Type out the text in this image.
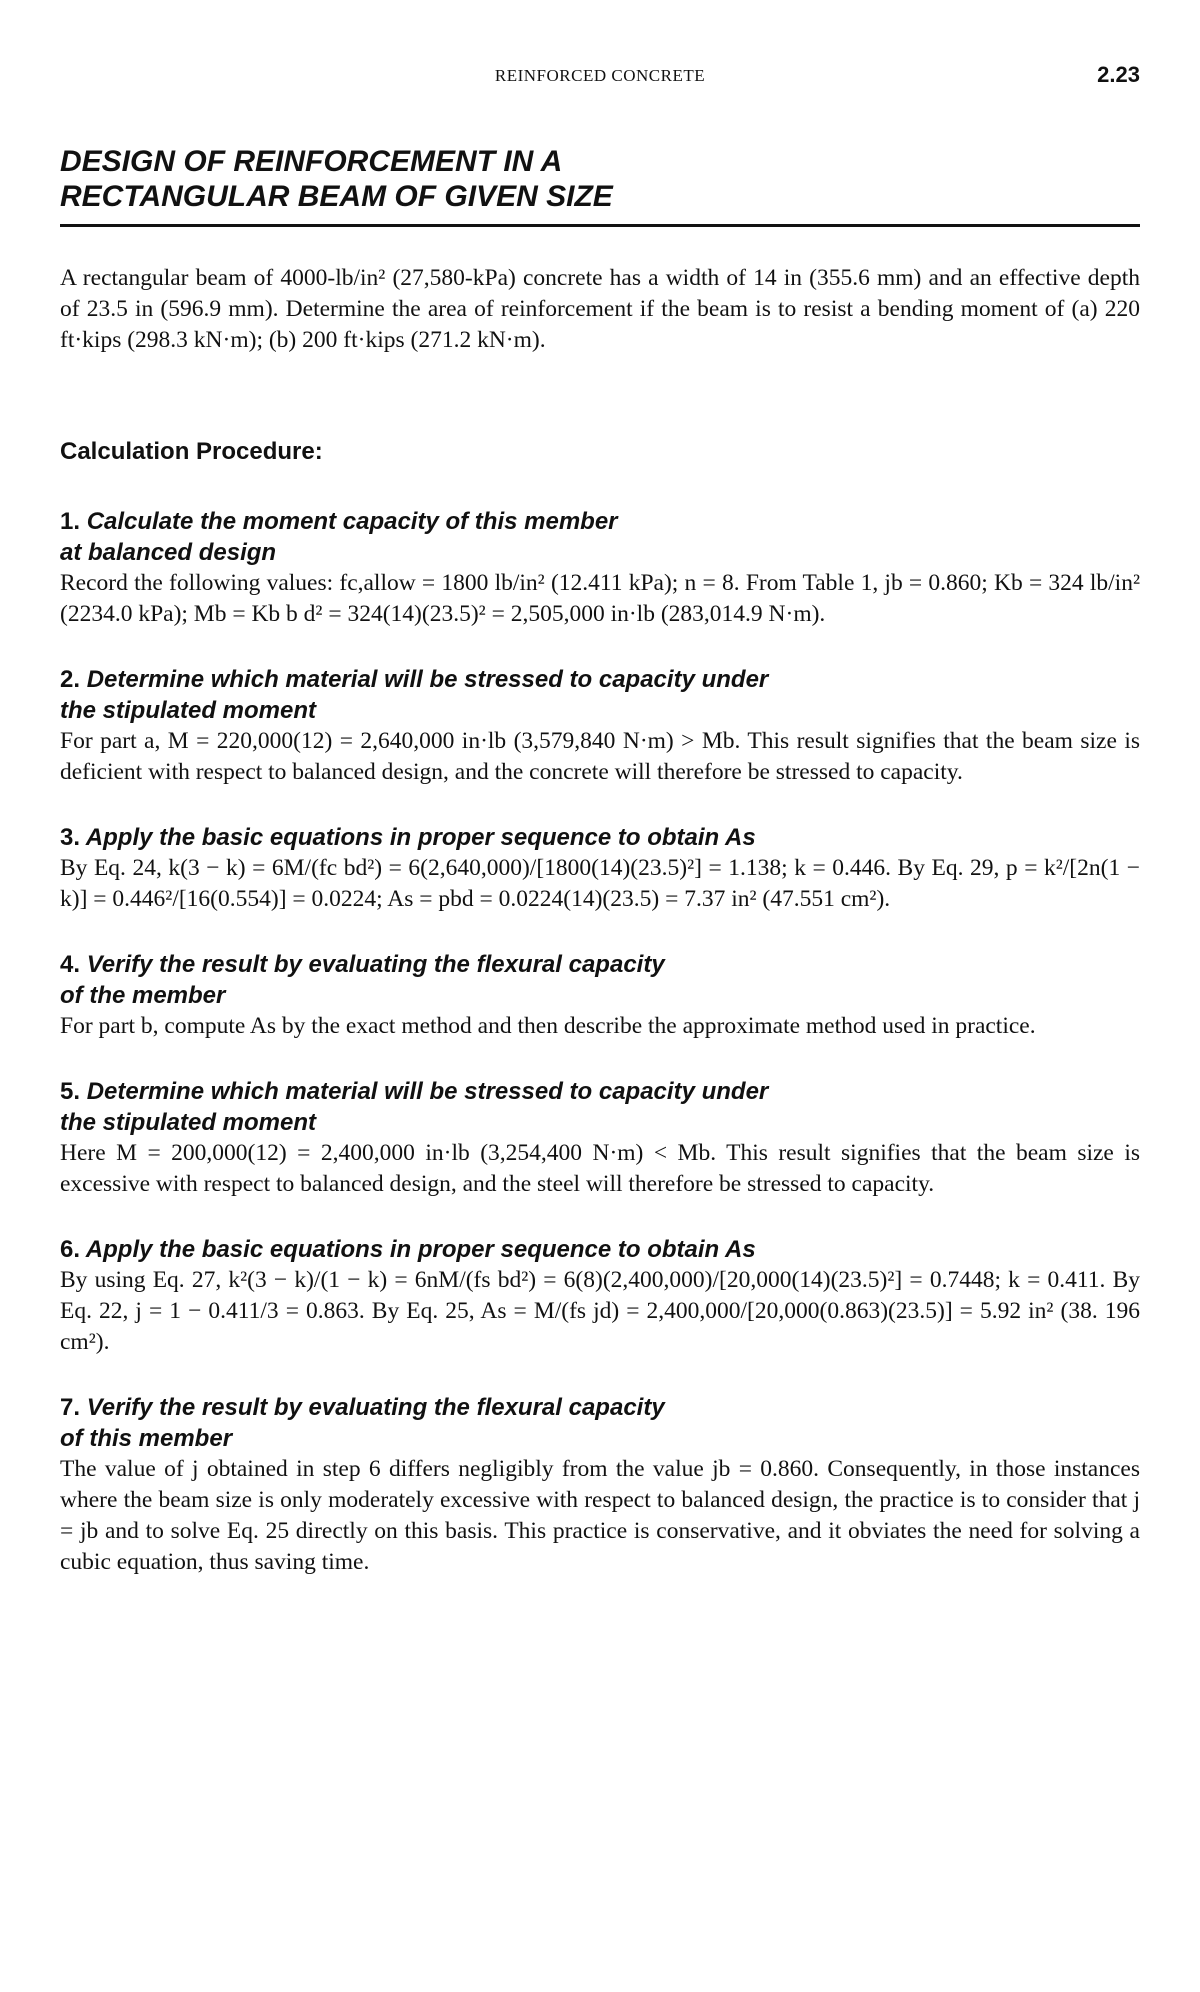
REINFORCED CONCRETE	2.23
DESIGN OF REINFORCEMENT IN A
RECTANGULAR BEAM OF GIVEN SIZE

A rectangular beam of 4000-lb/in² (27,580-kPa) concrete has a width of 14 in (355.6 mm) and an effective depth of 23.5 in (596.9 mm). Determine the area of reinforcement if the beam is to resist a bending moment of (a) 220 ft·kips (298.3 kN·m); (b) 200 ft·kips (271.2 kN·m).

Calculation Procedure:
1. Calculate the moment capacity of this member
at balanced design

Record the following values: fc,allow = 1800 lb/in² (12.411 kPa); n = 8. From Table 1, jb = 0.860; Kb = 324 lb/in² (2234.0 kPa); Mb = Kb b d² = 324(14)(23.5)² = 2,505,000 in·lb (283,014.9 N·m).

2. Determine which material will be stressed to capacity under
the stipulated moment

For part a, M = 220,000(12) = 2,640,000 in·lb (3,579,840 N·m) > Mb. This result signifies that the beam size is deficient with respect to balanced design, and the concrete will therefore be stressed to capacity.

3. Apply the basic equations in proper sequence to obtain As

By Eq. 24, k(3 − k) = 6M/(fc bd²) = 6(2,640,000)/[1800(14)(23.5)²] = 1.138; k = 0.446. By Eq. 29, p = k²/[2n(1 − k)] = 0.446²/[16(0.554)] = 0.0224; As = pbd = 0.0224(14)(23.5) = 7.37 in² (47.551 cm²).

4. Verify the result by evaluating the flexural capacity
of the member

For part b, compute As by the exact method and then describe the approximate method used in practice.

5. Determine which material will be stressed to capacity under
the stipulated moment

Here M = 200,000(12) = 2,400,000 in·lb (3,254,400 N·m) < Mb. This result signifies that the beam size is excessive with respect to balanced design, and the steel will therefore be stressed to capacity.

6. Apply the basic equations in proper sequence to obtain As

By using Eq. 27, k²(3 − k)/(1 − k) = 6nM/(fs bd²) = 6(8)(2,400,000)/[20,000(14)(23.5)²] = 0.7448; k = 0.411. By Eq. 22, j = 1 − 0.411/3 = 0.863. By Eq. 25, As = M/(fs jd) = 2,400,000/[20,000(0.863)(23.5)] = 5.92 in² (38. 196 cm²).

7. Verify the result by evaluating the flexural capacity
of this member

The value of j obtained in step 6 differs negligibly from the value jb = 0.860. Consequently, in those instances where the beam size is only moderately excessive with respect to balanced design, the practice is to consider that j = jb and to solve Eq. 25 directly on this basis. This practice is conservative, and it obviates the need for solving a cubic equation, thus saving time.
